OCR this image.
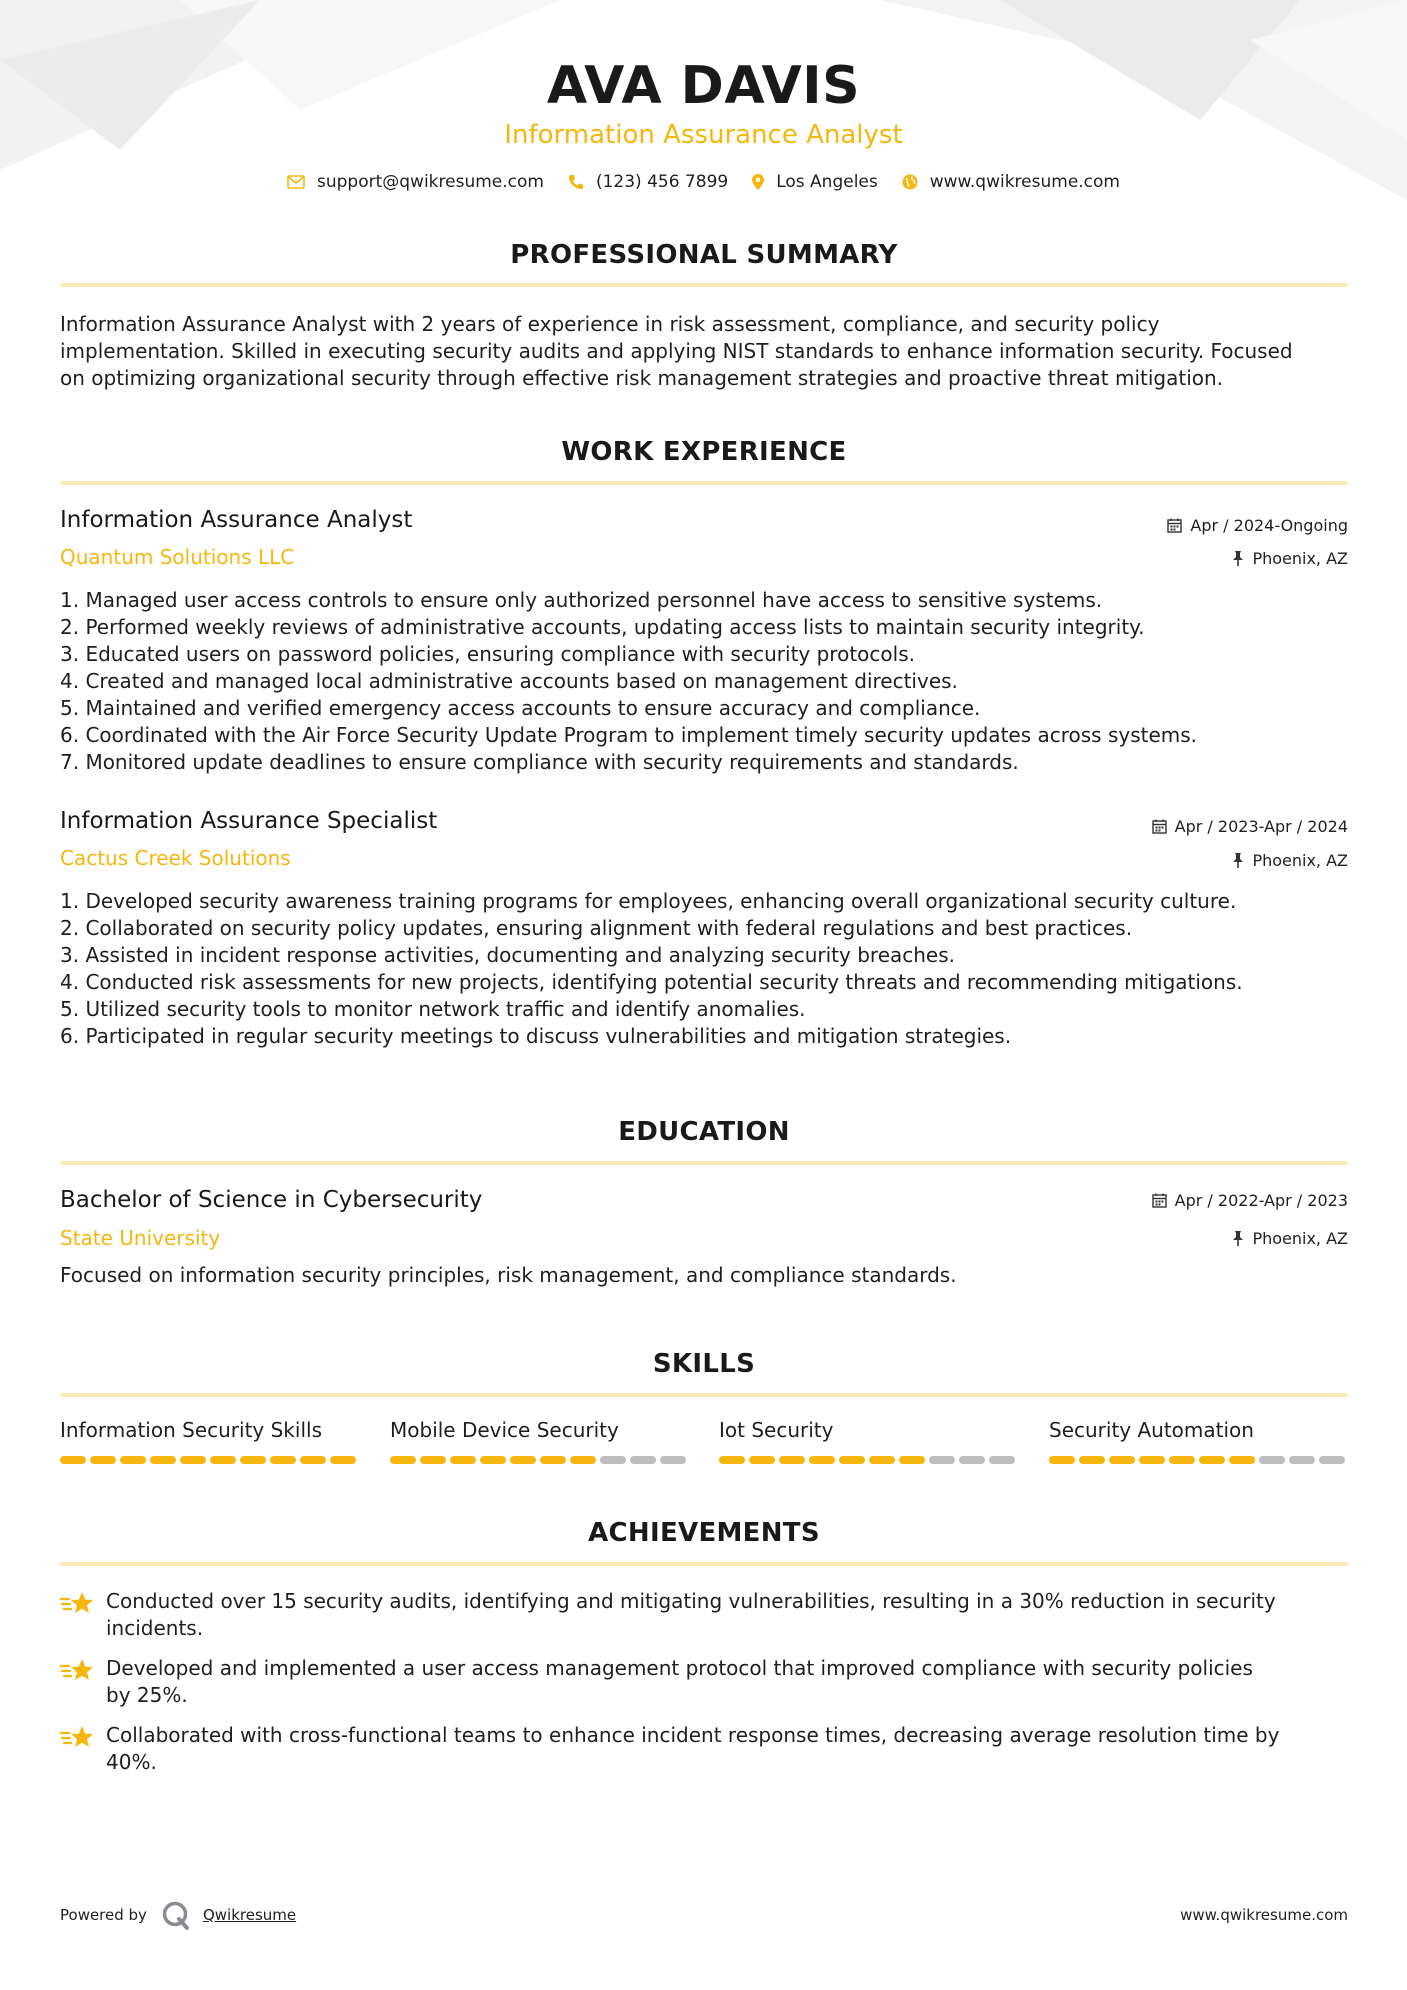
AVA DAVIS
Information Assurance Analyst
support@qwikresume.com	(123) 456 7899	Los Angeles	www.qwikresume.com
PROFESSIONAL SUMMARY
Information Assurance Analyst with 2 years of experience in risk assessment, compliance, and security policy
implementation. Skilled in executing security audits and applying NIST standards to enhance information security. Focused
on optimizing organizational security through effective risk management strategies and proactive threat mitigation.
WORK EXPERIENCE
Information Assurance Analyst	Apr / 2024-Ongoing
Quantum Solutions LLC	Phoenix, AZ
1. Managed user access controls to ensure only authorized personnel have access to sensitive systems.
2. Performed weekly reviews of administrative accounts, updating access lists to maintain security integrity.
3. Educated users on password policies, ensuring compliance with security protocols.
4. Created and managed local administrative accounts based on management directives.
5. Maintained and verified emergency access accounts to ensure accuracy and compliance.
6. Coordinated with the Air Force Security Update Program to implement timely security updates across systems.
7. Monitored update deadlines to ensure compliance with security requirements and standards.
Information Assurance Specialist	Apr / 2023-Apr / 2024
Cactus Creek Solutions	Phoenix, AZ
1. Developed security awareness training programs for employees, enhancing overall organizational security culture.
2. Collaborated on security policy updates, ensuring alignment with federal regulations and best practices.
3. Assisted in incident response activities, documenting and analyzing security breaches.
4. Conducted risk assessments for new projects, identifying potential security threats and recommending mitigations.
5. Utilized security tools to monitor network traffic and identify anomalies.
6. Participated in regular security meetings to discuss vulnerabilities and mitigation strategies.
EDUCATION
Bachelor of Science in Cybersecurity	Apr / 2022-Apr / 2023
State University	Phoenix, AZ
Focused on information security principles, risk management, and compliance standards.
SKILLS
Information Security Skills	Mobile Device Security	Iot Security	Security Automation
ACHIEVEMENTS
Conducted over 15 security audits, identifying and mitigating vulnerabilities, resulting in a 30% reduction in security
incidents.
Developed and implemented a user access management protocol that improved compliance with security policies
by 25%.
Collaborated with cross-functional teams to enhance incident response times, decreasing average resolution time by
40%.
Powered by	Qwikresume	www.qwikresume.com
